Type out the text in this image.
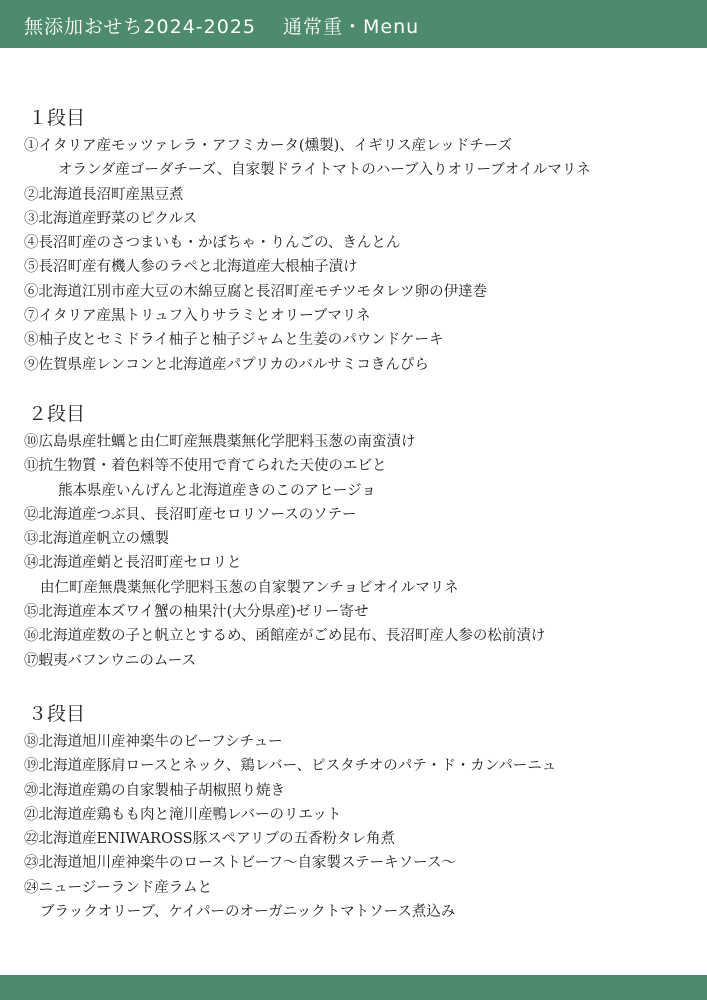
無添加おせち2024-2025　 通常重・Menu
１段目
①イタリア産モッツァレラ・アフミカータ(燻製)、イギリス産レッドチーズ
オランダ産ゴーダチーズ、自家製ドライトマトのハーブ入りオリーブオイルマリネ
②北海道長沼町産黒豆煮
③北海道産野菜のピクルス
④長沼町産のさつまいも・かぼちゃ・りんごの、きんとん
⑤長沼町産有機人参のラペと北海道産大根柚子漬け
⑥北海道江別市産大豆の木綿豆腐と長沼町産モチツモタレツ卵の伊達巻
⑦イタリア産黒トリュフ入りサラミとオリーブマリネ
⑧柚子皮とセミドライ柚子と柚子ジャムと生姜のパウンドケーキ
⑨佐賀県産レンコンと北海道産パプリカのバルサミコきんぴら
２段目
⑩広島県産牡蠣と由仁町産無農薬無化学肥料玉葱の南蛮漬け
⑪抗生物質・着色料等不使用で育てられた天使のエビと
熊本県産いんげんと北海道産きのこのアヒージョ
⑫北海道産つぶ貝、長沼町産セロリソースのソテー
⑬北海道産帆立の燻製
⑭北海道産蛸と長沼町産セロリと
由仁町産無農薬無化学肥料玉葱の自家製アンチョビオイルマリネ
⑮北海道産本ズワイ蟹の柚果汁(大分県産)ゼリー寄せ
⑯北海道産数の子と帆立とするめ、函館産がごめ昆布、長沼町産人参の松前漬け
⑰蝦夷バフンウニのムース
３段目
⑱北海道旭川産神楽牛のビーフシチュー
⑲北海道産豚肩ロースとネック、鶏レバー、ピスタチオのパテ・ド・カンパーニュ
⑳北海道産鶏の自家製柚子胡椒照り焼き
㉑北海道産鶏もも肉と滝川産鴨レバーのリエット
㉒北海道産ENIWAROSS豚スペアリブの五香粉タレ角煮
㉓北海道旭川産神楽牛のローストビーフ～自家製ステーキソース～
㉔ニュージーランド産ラムと
ブラックオリーブ、ケイパーのオーガニックトマトソース煮込み
